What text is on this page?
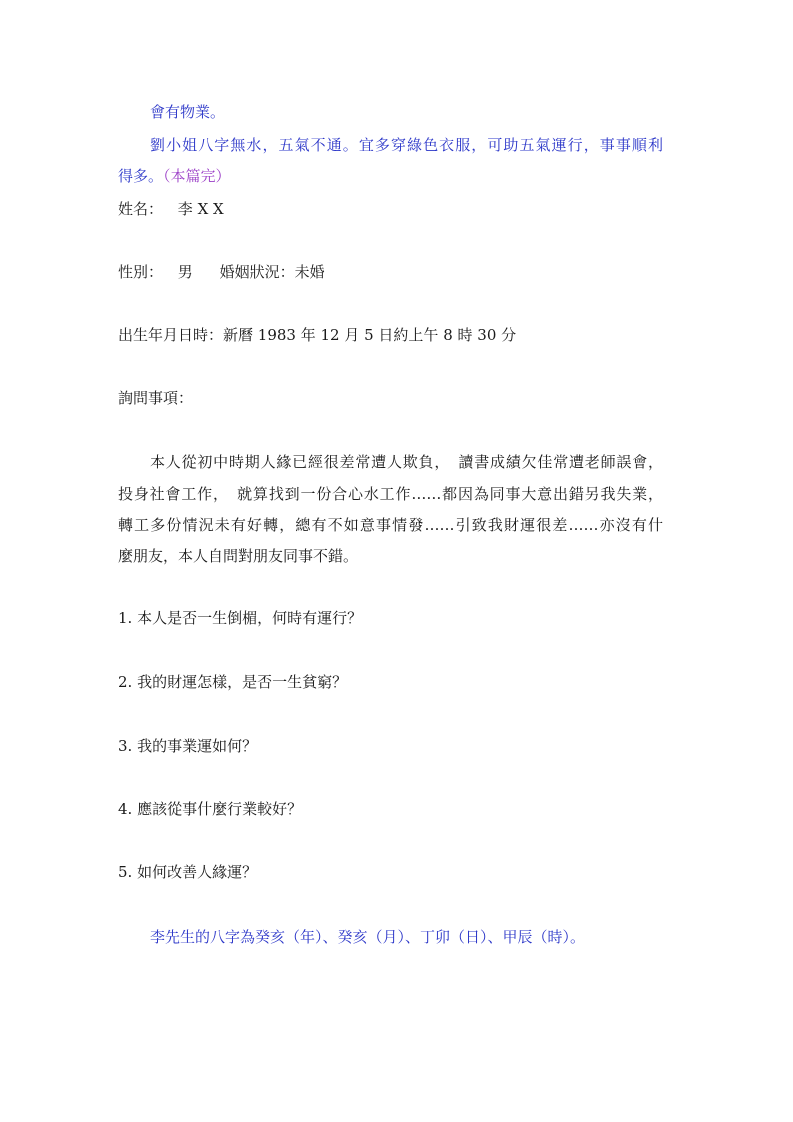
會有物業。
劉小姐八字無水，五氣不通。宜多穿綠色衣服，可助五氣運行，事事順利
得多。（本篇完）
姓名： 李 X X
性別： 男 婚姻狀況：未婚
出生年月日時：新曆 1983 年 12 月 5 日約上午 8 時 30 分
詢問事項：
本人從初中時期人緣已經很差常遭人欺負，　讀書成績欠佳常遭老師誤會，
投身社會工作，　就算找到一份合心水工作……都因為同事大意出錯另我失業，
轉工多份情況未有好轉，總有不如意事情發……引致我財運很差……亦沒有什
麼朋友，本人自問對朋友同事不錯。
1. 本人是否一生倒楣，何時有運行？
2. 我的財運怎樣，是否一生貧窮？
3. 我的事業運如何？
4. 應該從事什麼行業較好？
5. 如何改善人緣運？
李先生的八字為癸亥（年）、癸亥（月）、丁卯（日）、甲辰（時）。
